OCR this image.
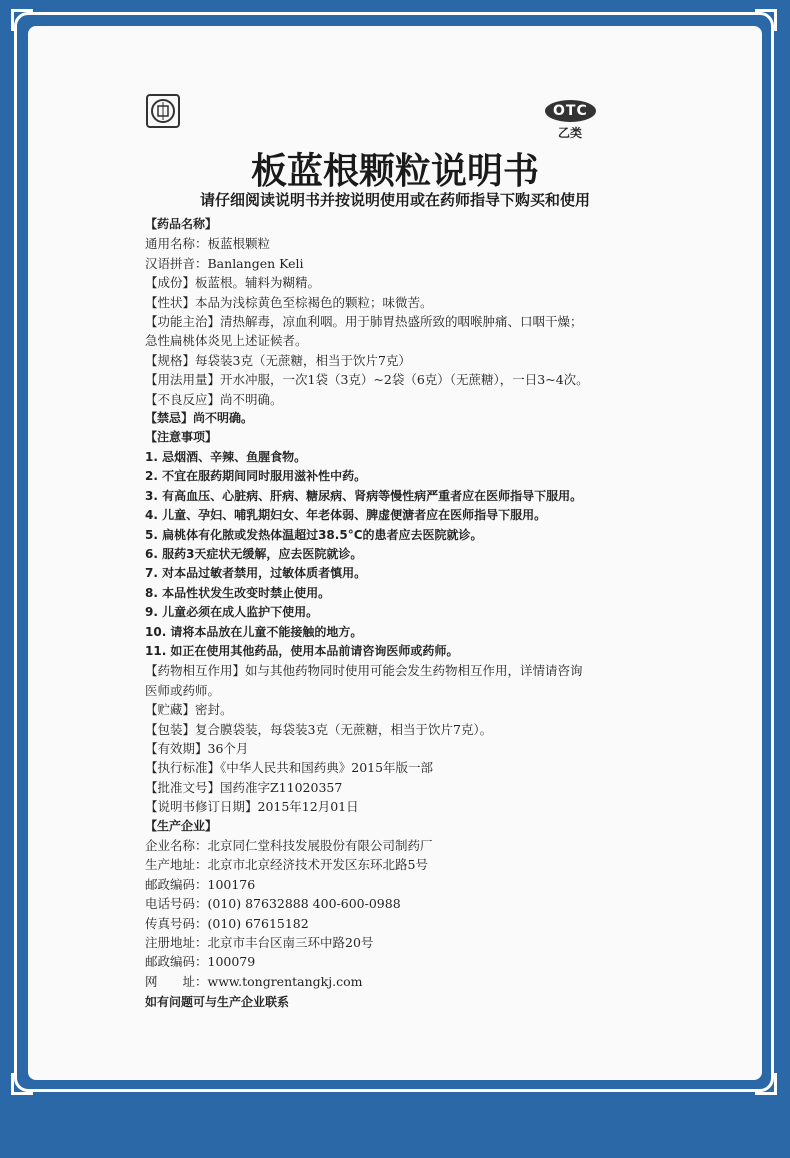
OTC
乙类
板蓝根颗粒说明书
请仔细阅读说明书并按说明使用或在药师指导下购买和使用
【药品名称】
通用名称：板蓝根颗粒
汉语拼音：Banlangen Keli
【成份】板蓝根。辅料为糊精。
【性状】本品为浅棕黄色至棕褐色的颗粒；味微苦。
【功能主治】清热解毒，凉血利咽。用于肺胃热盛所致的咽喉肿痛、口咽干燥；
急性扁桃体炎见上述证候者。
【规格】每袋装3克（无蔗糖，相当于饮片7克）
【用法用量】开水冲服，一次1袋（3克）~2袋（6克）（无蔗糖），一日3~4次。
【不良反应】尚不明确。
【禁忌】尚不明确。
【注意事项】
1. 忌烟酒、辛辣、鱼腥食物。
2. 不宜在服药期间同时服用滋补性中药。
3. 有高血压、心脏病、肝病、糖尿病、肾病等慢性病严重者应在医师指导下服用。
4. 儿童、孕妇、哺乳期妇女、年老体弱、脾虚便溏者应在医师指导下服用。
5. 扁桃体有化脓或发热体温超过38.5°C的患者应去医院就诊。
6. 服药3天症状无缓解，应去医院就诊。
7. 对本品过敏者禁用，过敏体质者慎用。
8. 本品性状发生改变时禁止使用。
9. 儿童必须在成人监护下使用。
10. 请将本品放在儿童不能接触的地方。
11. 如正在使用其他药品，使用本品前请咨询医师或药师。
【药物相互作用】如与其他药物同时使用可能会发生药物相互作用，详情请咨询
医师或药师。
【贮藏】密封。
【包装】复合膜袋装，每袋装3克（无蔗糖，相当于饮片7克）。
【有效期】36个月
【执行标准】《中华人民共和国药典》2015年版一部
【批准文号】国药准字Z11020357
【说明书修订日期】2015年12月01日
【生产企业】
企业名称：北京同仁堂科技发展股份有限公司制药厂
生产地址：北京市北京经济技术开发区东环北路5号
邮政编码：100176
电话号码：(010) 87632888 400-600-0988
传真号码：(010) 67615182
注册地址：北京市丰台区南三环中路20号
邮政编码：100079
网　　址：www.tongrentangkj.com
如有问题可与生产企业联系
